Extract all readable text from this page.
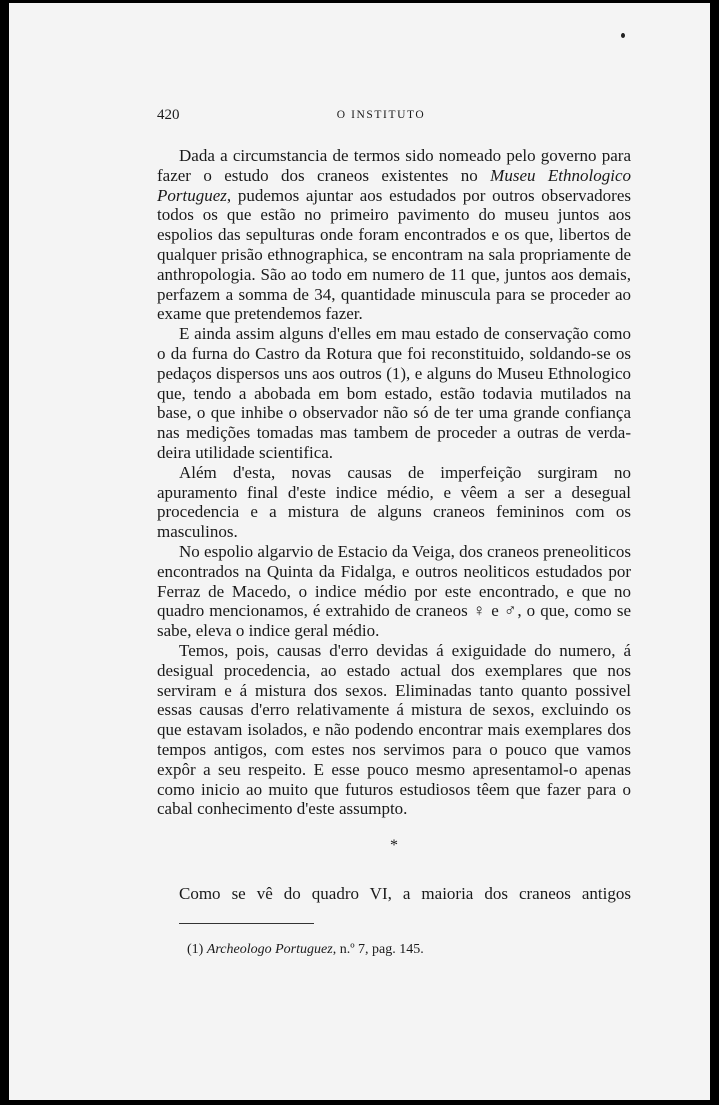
420	O INSTITUTO

Dada a circumstancia de termos sido nomeado pelo governo para fazer o estudo dos craneos existentes no Museu Ethnologico Portuguez, pudemos ajuntar aos estudados por outros observadores todos os que estão no primeiro pavimento do museu juntos aos espolios das sepulturas onde foram encontrados e os que, libertos de qualquer prisão ethnographica, se encontram na sala propriamente de anthropologia. São ao todo em numero de 11 que, juntos aos demais, perfazem a somma de 34, quantidade minuscula para se proceder ao exame que pretendemos fazer.

E ainda assim alguns d'elles em mau estado de conservação como o da furna do Castro da Rotura que foi reconstituido, soldando-se os pedaços dispersos uns aos outros (1), e alguns do Museu Ethnologico que, tendo a abobada em bom estado, estão todavia mutilados na base, o que inhibe o observador não só de ter uma grande confiança nas medições tomadas mas tambem de proceder a outras de verdadeira utilidade scientifica.

Além d'esta, novas causas de imperfeição surgiram no apuramento final d'este indice médio, e vêem a ser a desegual procedencia e a mistura de alguns craneos femininos com os masculinos.

No espolio algarvio de Estacio da Veiga, dos craneos preneoliticos encontrados na Quinta da Fidalga, e outros neoliticos estudados por Ferraz de Macedo, o indice médio por este encontrado, e que no quadro mencionamos, é extrahido de craneos ♀ e ♂, o que, como se sabe, eleva o indice geral médio.

Temos, pois, causas d'erro devidas á exiguidade do numero, á desigual procedencia, ao estado actual dos exemplares que nos serviram e á mistura dos sexos. Eliminadas tanto quanto possivel essas causas d'erro relativamente á mistura de sexos, excluindo os que estavam isolados, e não podendo encontrar mais exemplares dos tempos antigos, com estes nos servimos para o pouco que vamos expôr a seu respeito. E esse pouco mesmo apresentamol-o apenas como inicio ao muito que futuros estudiosos têem que fazer para o cabal conhecimento d'este assumpto.

*
Como se vê do quadro VI, a maioria dos craneos antigos
(1) Archeologo Portuguez, n.º 7, pag. 145.
